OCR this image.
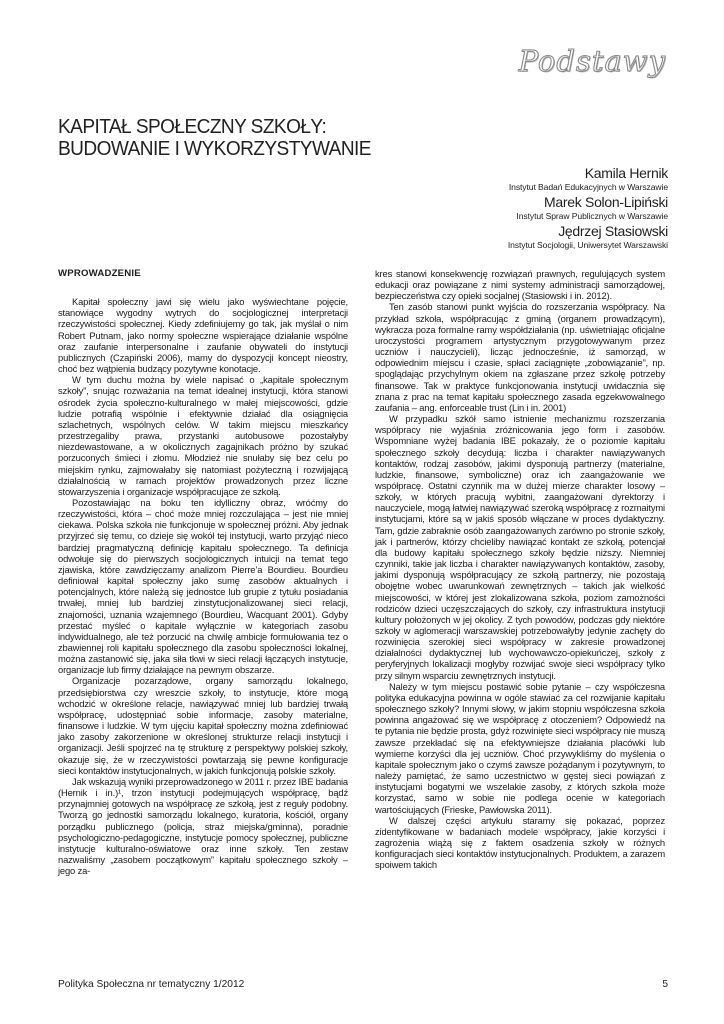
Podstawy
KAPITAŁ SPOŁECZNY SZKOŁY:
BUDOWANIE I WYKORZYSTYWANIE
Kamila Hernik
Instytut Badań Edukacyjnych w Warszawie
Marek Solon-Lipiński
Instytut Spraw Publicznych w Warszawie
Jędrzej Stasiowski
Instytut Socjologii, Uniwersytet Warszawski
WPROWADZENIE

Kapitał społeczny jawi się wielu jako wyświechtane pojęcie, stanowiące wygodny wytrych do socjologicznej interpretacji rzeczywistości społecznej. Kiedy zdefiniujemy go tak, jak myślał o nim Robert Putnam, jako normy społeczne wspierające działanie wspólne oraz zaufanie interpersonalne i zaufanie obywateli do instytucji publicznych (Czapiński 2006), mamy do dyspozycji koncept nieostry, choć bez wątpienia budzący pozytywne konotacje.

W tym duchu można by wiele napisać o „kapitale społecznym szkoły”, snując rozważania na temat idealnej instytucji, która stanowi ośrodek życia społeczno-kulturalnego w małej miejscowości, gdzie ludzie potrafią wspólnie i efektywnie działać dla osiągnięcia szlachetnych, wspólnych celów. W takim miejscu mieszkańcy przestrzegaliby prawa, przystanki autobusowe pozostałyby niezdewastowane, a w okolicznych zagajnikach próżno by szukać porzuconych śmieci i złomu. Młodzież nie snułaby się bez celu po miejskim rynku, zajmowałaby się natomiast pożyteczną i rozwijającą działalnością w ramach projektów prowadzonych przez liczne stowarzyszenia i organizacje współpracujące ze szkołą.

Pozostawiając na boku ten idylliczny obraz, wróćmy do rzeczywistości, która – choć może mniej rozczulająca – jest nie mniej ciekawa. Polska szkoła nie funkcjonuje w społecznej próżni. Aby jednak przyjrzeć się temu, co dzieje się wokół tej instytucji, warto przyjąć nieco bardziej pragmatyczną definicję kapitału społecznego. Ta definicja odwołuje się do pierwszych socjologicznych intuicji na temat tego zjawiska, które zawdzięczamy analizom Pierre’a Bourdieu. Bourdieu definiował kapitał społeczny jako sumę zasobów aktualnych i potencjalnych, które należą się jednostce lub grupie z tytułu posiadania trwałej, mniej lub bardziej zinstytucjonalizowanej sieci relacji, znajomości, uznania wzajemnego (Bourdieu, Wacquant 2001). Gdyby przestać myśleć o kapitale wyłącznie w kategoriach zasobu indywidualnego, ale też porzucić na chwilę ambicje formułowania tez o zbawiennej roli kapitału społecznego dla zasobu społeczności lokalnej, można zastanowić się, jaka siła tkwi w sieci relacji łączących instytucje, organizacje lub firmy działające na pewnym obszarze.

Organizacje pozarządowe, organy samorządu lokalnego, przedsiębiorstwa czy wreszcie szkoły, to instytucje, które mogą wchodzić w określone relacje, nawiązywać mniej lub bardziej trwałą współpracę, udostępniać sobie informacje, zasoby materialne, finansowe i ludzkie. W tym ujęciu kapitał społeczny można zdefiniować jako zasoby zakorzenione w określonej strukturze relacji instytucji i organizacji. Jeśli spojrzeć na tę strukturę z perspektywy polskiej szkoły, okazuje się, że w rzeczywistości powtarzają się pewne konfiguracje sieci kontaktów instytucjonalnych, w jakich funkcjonują polskie szkoły.

Jak wskazują wyniki przeprowadzonego w 2011 r. przez IBE badania (Hernik i in.)¹, trzon instytucji podejmujących współpracę, bądź przynajmniej gotowych na współpracę ze szkołą, jest z reguły podobny. Tworzą go jednostki samorządu lokalnego, kuratoria, kościół, organy porządku publicznego (policja, straż miejska/gminna), poradnie psychologiczno-pedagogiczne, instytucje pomocy społecznej, publiczne instytucje kulturalno-oświatowe oraz inne szkoły. Ten zestaw nazwaliśmy „zasobem początkowym” kapitału społecznego szkoły – jego za-

kres stanowi konsekwencję rozwiązań prawnych, regulujących system edukacji oraz powiązane z nimi systemy administracji samorządowej, bezpieczeństwa czy opieki socjalnej (Stasiowski i in. 2012).

Ten zasób stanowi punkt wyjścia do rozszerzania współpracy. Na przykład szkoła, współpracując z gminą (organem prowadzącym), wykracza poza formalne ramy współdziałania (np. uświetniając oficjalne uroczystości programem artystycznym przygotowywanym przez uczniów i nauczycieli), licząc jednocześnie, iż samorząd, w odpowiednim miejscu i czasie, spłaci zaciągnięte „zobowiązanie”, np. spoglądając przychylnym okiem na zgłaszane przez szkołę potrzeby finansowe. Tak w praktyce funkcjonowania instytucji uwidacznia się znana z prac na temat kapitału społecznego zasada egzekwowalnego zaufania – ang. enforceable trust (Lin i in. 2001)

W przypadku szkół samo istnienie mechanizmu rozszerzania współpracy nie wyjaśnia zróżnicowania jego form i zasobów. Wspomniane wyżej badania IBE pokazały, że o poziomie kapitału społecznego szkoły decydują: liczba i charakter nawiązywanych kontaktów, rodzaj zasobów, jakimi dysponują partnerzy (materialne, ludzkie, finansowe, symboliczne) oraz ich zaangażowanie we współpracę. Ostatni czynnik ma w dużej mierze charakter losowy – szkoły, w których pracują wybitni, zaangażowani dyrektorzy i nauczyciele, mogą łatwiej nawiązywać szeroką współpracę z rozmaitymi instytucjami, które są w jakiś sposób włączane w proces dydaktyczny. Tam, gdzie zabraknie osób zaangażowanych zarówno po stronie szkoły, jak i partnerów, którzy chcieliby nawiązać kontakt ze szkołą, potencjał dla budowy kapitału społecznego szkoły będzie niższy. Niemniej czynniki, takie jak liczba i charakter nawiązywanych kontaktów, zasoby, jakimi dysponują współpracujący ze szkołą partnerzy, nie pozostają obojętne wobec uwarunkowań zewnętrznych – takich jak wielkość miejscowości, w której jest zlokalizowana szkoła, poziom zamożności rodziców dzieci uczęszczających do szkoły, czy infrastruktura instytucji kultury położonych w jej okolicy. Z tych powodów, podczas gdy niektóre szkoły w aglomeracji warszawskiej potrzebowałyby jedynie zachęty do rozwinięcia szerokiej sieci współpracy w zakresie prowadzonej działalności dydaktycznej lub wychowawczo-opiekuńczej, szkoły z peryferyjnych lokalizacji mogłyby rozwijać swoje sieci współpracy tylko przy silnym wsparciu zewnętrznych instytucji.

Należy w tym miejscu postawić sobie pytanie – czy współczesna polityka edukacyjna powinna w ogóle stawiać za cel rozwijanie kapitału społecznego szkoły? Innymi słowy, w jakim stopniu współczesna szkoła powinna angażować się we współpracę z otoczeniem? Odpowiedź na te pytania nie będzie prosta, gdyż rozwinięte sieci współpracy nie muszą zawsze przekładać się na efektywniejsze działania placówki lub wymierne korzyści dla jej uczniów. Choć przywykliśmy do myślenia o kapitale społecznym jako o czymś zawsze pożądanym i pozytywnym, to należy pamiętać, że samo uczestnictwo w gęstej sieci powiązań z instytucjami bogatymi we wszelakie zasoby, z których szkoła może korzystać, samo w sobie nie podlega ocenie w kategoriach wartościujących (Frieske, Pawłowska 2011).

W dalszej części artykułu staramy się pokazać, poprzez zidentyfikowane w badaniach modele współpracy, jakie korzyści i zagrożenia wiążą się z faktem osadzenia szkoły w różnych konfiguracjach sieci kontaktów instytucjonalnych. Produktem, a zarazem spoiwem takich

Polityka Społeczna nr tematyczny 1/2012	5
